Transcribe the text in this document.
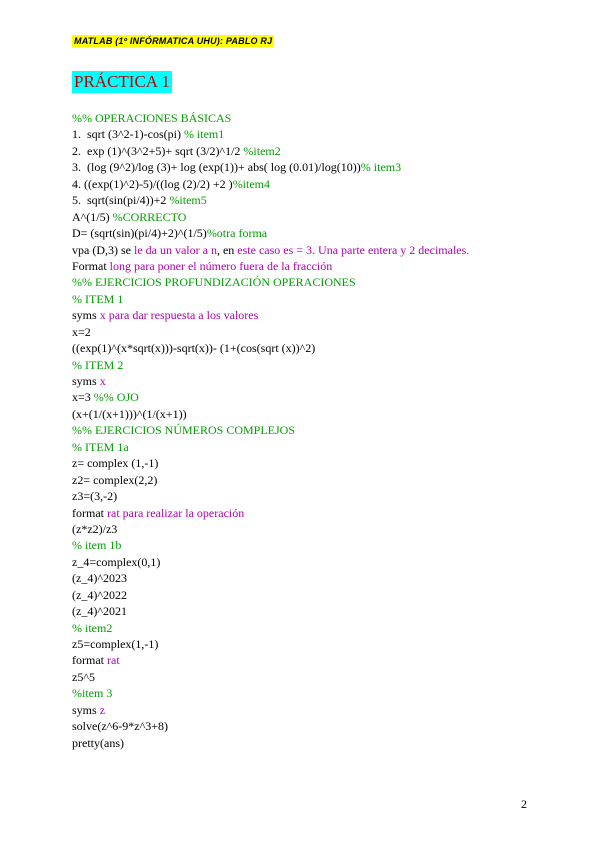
MATLAB (1º INFÓRMATICA UHU): PABLO RJ
PRÁCTICA 1
%% OPERACIONES BÁSICAS
1.  sqrt (3^2-1)-cos(pi) % item1
2.  exp (1)^(3^2+5)+ sqrt (3/2)^1/2 %item2
3.  (log (9^2)/log (3)+ log (exp(1))+ abs( log (0.01)/log(10))% item3
4. ((exp(1)^2)-5)/((log (2)/2) +2 )%item4
5.  sqrt(sin(pi/4))+2 %item5
A^(1/5) %CORRECTO
D= (sqrt(sin)(pi/4)+2)^(1/5)%otra forma
vpa (D,3) se le da un valor a n, en este caso es = 3. Una parte entera y 2 decimales.
Format long para poner el número fuera de la fracción
%% EJERCICIOS PROFUNDIZACIÓN OPERACIONES
% ITEM 1
syms x para dar respuesta a los valores
x=2
((exp(1)^(x*sqrt(x)))-sqrt(x))- (1+(cos(sqrt (x))^2)
% ITEM 2
syms x
x=3 %% OJO
(x+(1/(x+1)))^(1/(x+1))
%% EJERCICIOS NÚMEROS COMPLEJOS
% ITEM 1a
z= complex (1,-1)
z2= complex(2,2)
z3=(3,-2)
format rat para realizar la operación
(z*z2)/z3
% item 1b
z_4=complex(0,1)
(z_4)^2023
(z_4)^2022
(z_4)^2021
% item2
z5=complex(1,-1)
format rat
z5^5
%item 3
syms z
solve(z^6-9*z^3+8)
pretty(ans)
2
